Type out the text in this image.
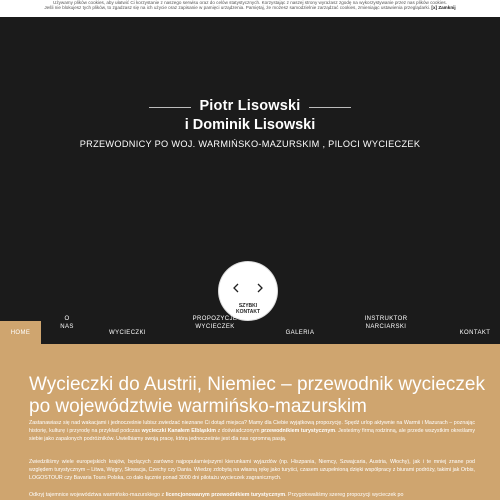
Używamy plików cookies, aby ułatwić Ci korzystanie z naszego serwisu oraz do celów statystycznych. Korzystając z naszej strony wyrażasz zgodę na wykorzystywanie przez nas plików cookies.
Jeśli nie blokujesz tych plików, to zgadzasz się na ich użycie oraz zapisanie w pamięci urządzenia. Pamiętaj, że możesz samodzielnie zarządzać cookies, zmieniając ustawienia przeglądarki. [x] Zamknij
Piotr Lisowski
i Dominik Lisowski
PRZEWODNICY PO WOJ. WARMIŃSKO-MAZURSKIM , PILOCI WYCIECZEK
SZYBKI
KONTAKT
HOME
O
NAS
WYCIECZKI
PROPOZYCJE
WYCIECZEK
GALERIA
INSTRUKTOR
NARCIARSKI
KONTAKT
Wycieczki do Austrii, Niemiec – przewodnik wycieczek po województwie warmińsko-mazurskim
Zastanawiasz się nad wakacjami i jednocześnie lubisz zwiedzać nieznane Ci dotąd miejsca? Mamy dla Ciebie wyjątkową propozycję. Spędź urlop aktywnie na Warmii i Mazurach – poznając historię, kulturę i przyrodę na przykład podczas wycieczki Kanałem Elbląskim z doświadczonym przewodnikiem turystycznym. Jesteśmy firmą rodzinną, ale przede wszystkim określamy siebie jako zapalonych podróżników. Uwielbiamy swoją pracę, która jednocześnie jest dla nas ogromną pasją.
Zwiedziliśmy wiele europejskich krajów, będących zarówno najpopularniejszymi kierunkami wyjazdów (np. Hiszpania, Niemcy, Szwajcaria, Austria, Włochy), jak i te mniej znane pod względem turystycznym – Litwa, Węgry, Słowacja, Czechy czy Dania. Wiedzę zdobytą na własną rękę jako turyści, czasem uzupełnioną dzięki współpracy z biurami podróży, takimi jak Orbis, LOGOSTOUR czy Bavaria Tours Polska, co dało łącznie ponad 3000 dni pilotażu wycieczek zagranicznych.
Odkryj tajemnice województwa warmińsko-mazurskiego z licencjonowanym przewodnikiem turystycznym. Przygotowaliśmy szereg propozycji wycieczek po
